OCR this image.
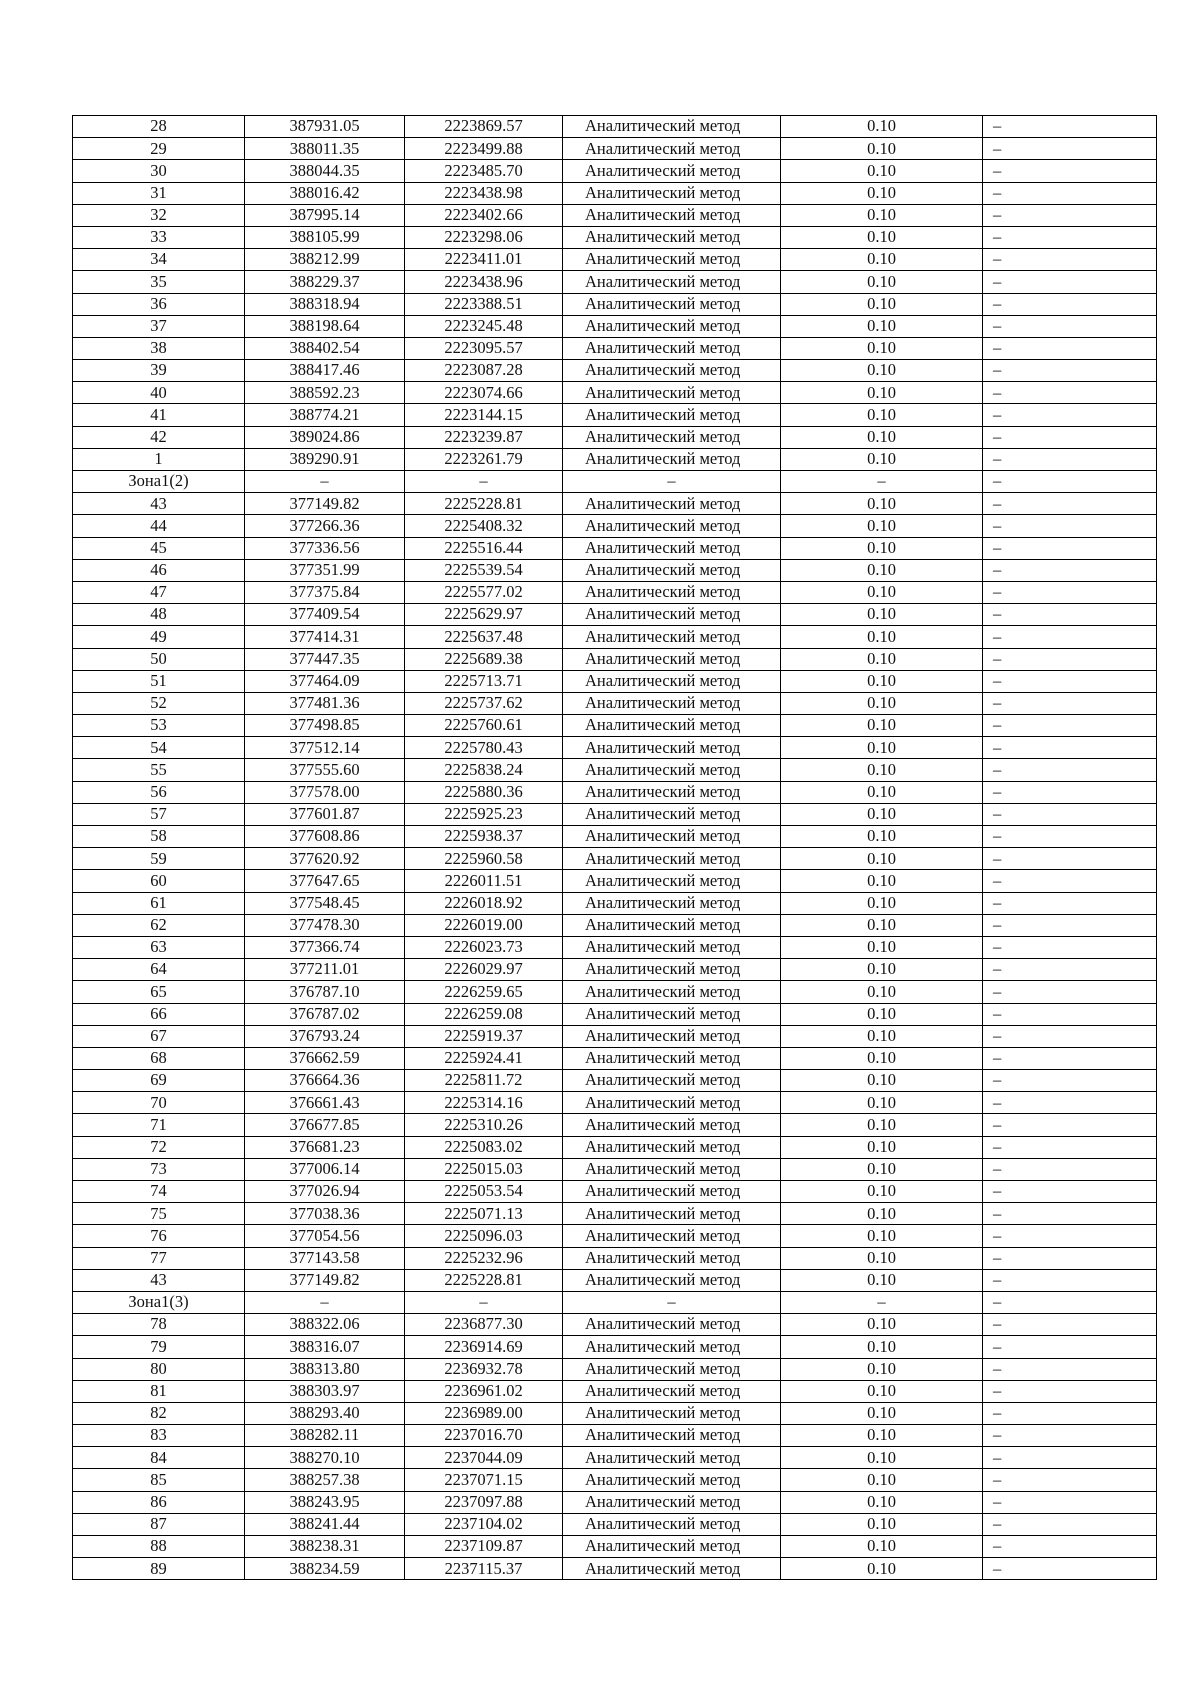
28	387931.05	2223869.57	Аналитический метод	0.10	–
29	388011.35	2223499.88	Аналитический метод	0.10	–
30	388044.35	2223485.70	Аналитический метод	0.10	–
31	388016.42	2223438.98	Аналитический метод	0.10	–
32	387995.14	2223402.66	Аналитический метод	0.10	–
33	388105.99	2223298.06	Аналитический метод	0.10	–
34	388212.99	2223411.01	Аналитический метод	0.10	–
35	388229.37	2223438.96	Аналитический метод	0.10	–
36	388318.94	2223388.51	Аналитический метод	0.10	–
37	388198.64	2223245.48	Аналитический метод	0.10	–
38	388402.54	2223095.57	Аналитический метод	0.10	–
39	388417.46	2223087.28	Аналитический метод	0.10	–
40	388592.23	2223074.66	Аналитический метод	0.10	–
41	388774.21	2223144.15	Аналитический метод	0.10	–
42	389024.86	2223239.87	Аналитический метод	0.10	–
1	389290.91	2223261.79	Аналитический метод	0.10	–
Зона1(2)	–	–	–	–	–
43	377149.82	2225228.81	Аналитический метод	0.10	–
44	377266.36	2225408.32	Аналитический метод	0.10	–
45	377336.56	2225516.44	Аналитический метод	0.10	–
46	377351.99	2225539.54	Аналитический метод	0.10	–
47	377375.84	2225577.02	Аналитический метод	0.10	–
48	377409.54	2225629.97	Аналитический метод	0.10	–
49	377414.31	2225637.48	Аналитический метод	0.10	–
50	377447.35	2225689.38	Аналитический метод	0.10	–
51	377464.09	2225713.71	Аналитический метод	0.10	–
52	377481.36	2225737.62	Аналитический метод	0.10	–
53	377498.85	2225760.61	Аналитический метод	0.10	–
54	377512.14	2225780.43	Аналитический метод	0.10	–
55	377555.60	2225838.24	Аналитический метод	0.10	–
56	377578.00	2225880.36	Аналитический метод	0.10	–
57	377601.87	2225925.23	Аналитический метод	0.10	–
58	377608.86	2225938.37	Аналитический метод	0.10	–
59	377620.92	2225960.58	Аналитический метод	0.10	–
60	377647.65	2226011.51	Аналитический метод	0.10	–
61	377548.45	2226018.92	Аналитический метод	0.10	–
62	377478.30	2226019.00	Аналитический метод	0.10	–
63	377366.74	2226023.73	Аналитический метод	0.10	–
64	377211.01	2226029.97	Аналитический метод	0.10	–
65	376787.10	2226259.65	Аналитический метод	0.10	–
66	376787.02	2226259.08	Аналитический метод	0.10	–
67	376793.24	2225919.37	Аналитический метод	0.10	–
68	376662.59	2225924.41	Аналитический метод	0.10	–
69	376664.36	2225811.72	Аналитический метод	0.10	–
70	376661.43	2225314.16	Аналитический метод	0.10	–
71	376677.85	2225310.26	Аналитический метод	0.10	–
72	376681.23	2225083.02	Аналитический метод	0.10	–
73	377006.14	2225015.03	Аналитический метод	0.10	–
74	377026.94	2225053.54	Аналитический метод	0.10	–
75	377038.36	2225071.13	Аналитический метод	0.10	–
76	377054.56	2225096.03	Аналитический метод	0.10	–
77	377143.58	2225232.96	Аналитический метод	0.10	–
43	377149.82	2225228.81	Аналитический метод	0.10	–
Зона1(3)	–	–	–	–	–
78	388322.06	2236877.30	Аналитический метод	0.10	–
79	388316.07	2236914.69	Аналитический метод	0.10	–
80	388313.80	2236932.78	Аналитический метод	0.10	–
81	388303.97	2236961.02	Аналитический метод	0.10	–
82	388293.40	2236989.00	Аналитический метод	0.10	–
83	388282.11	2237016.70	Аналитический метод	0.10	–
84	388270.10	2237044.09	Аналитический метод	0.10	–
85	388257.38	2237071.15	Аналитический метод	0.10	–
86	388243.95	2237097.88	Аналитический метод	0.10	–
87	388241.44	2237104.02	Аналитический метод	0.10	–
88	388238.31	2237109.87	Аналитический метод	0.10	–
89	388234.59	2237115.37	Аналитический метод	0.10	–
